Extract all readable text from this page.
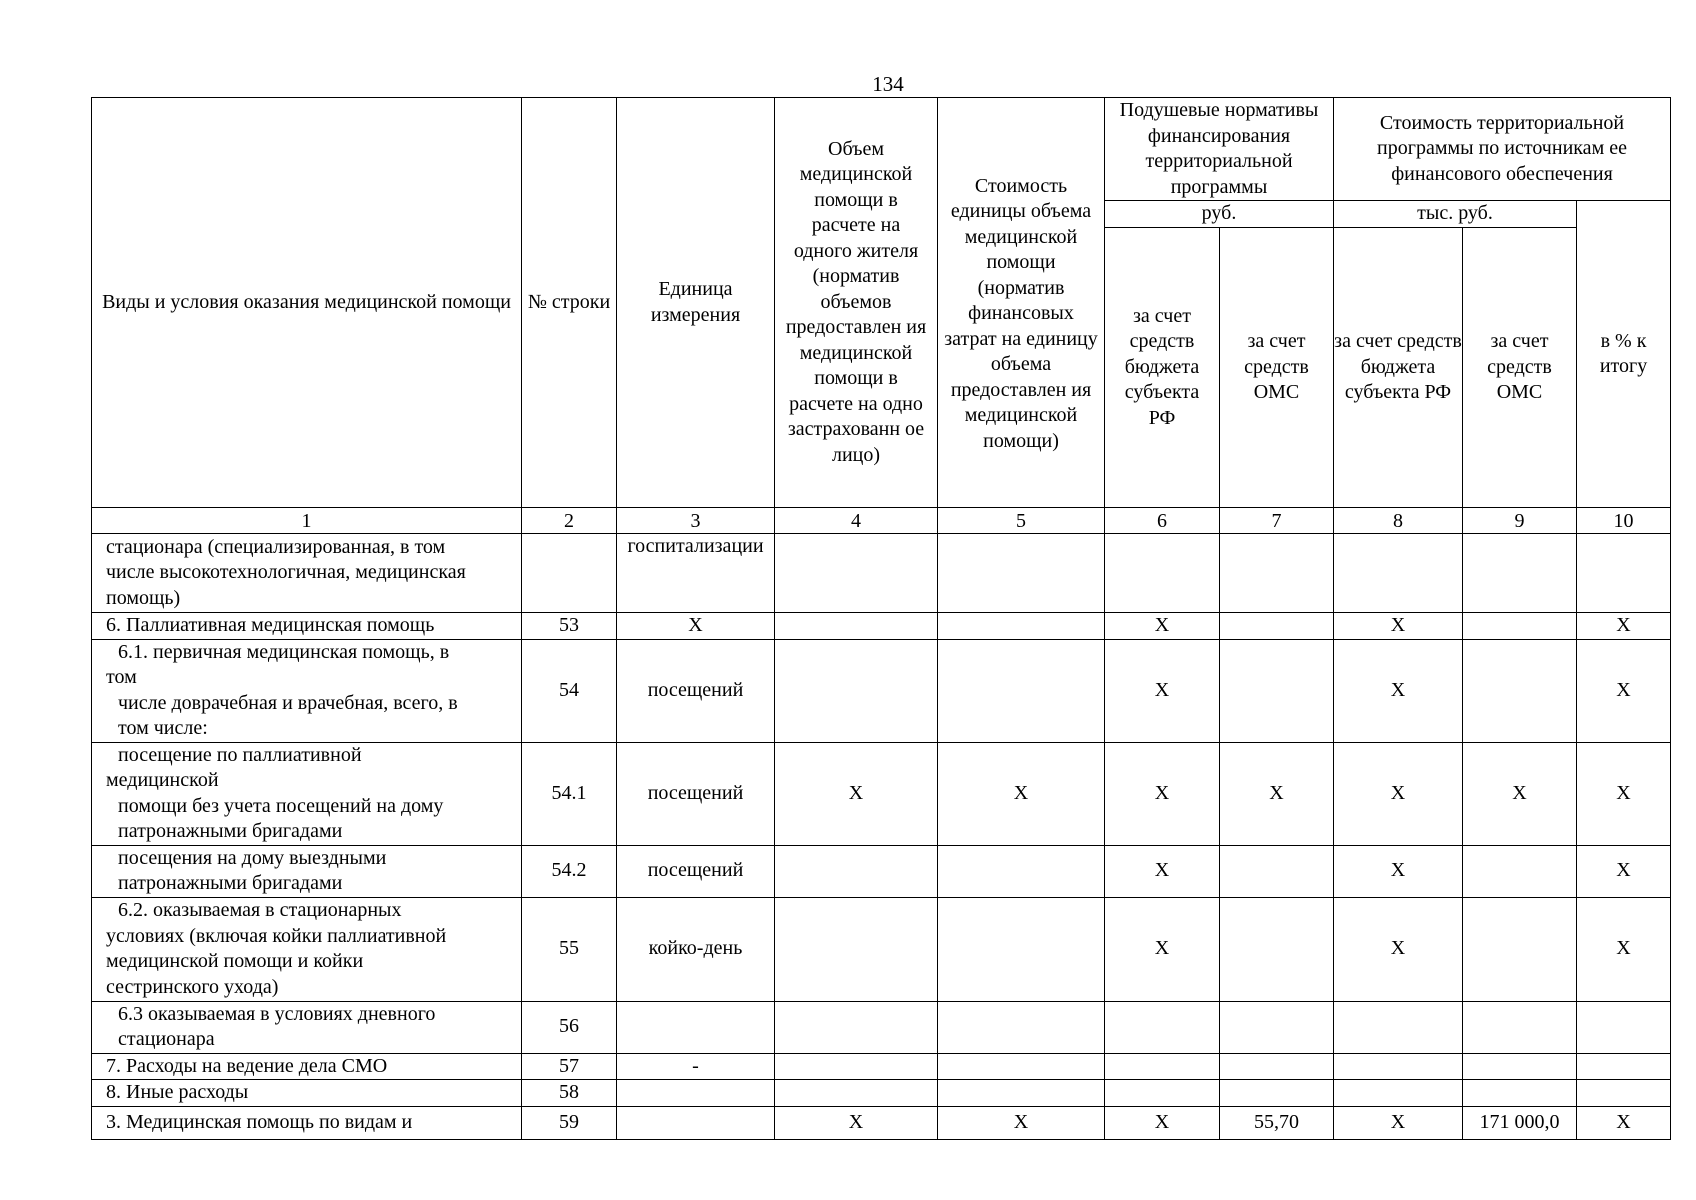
134
Виды и условия оказания медицинской помощи	№ строки	Единица измерения	Объем медицинской помощи в расчете на одного жителя (норматив объемов предоставлен ия медицинской помощи в расчете на одно застрахованн ое лицо)	Стоимость единицы объема медицинской помощи (норматив финансовых затрат на единицу объема предоставлен ия медицинской помощи)	Подушевые нормативы финансирования территориальной программы		Стоимость территориальной программы по источникам ее финансового обеспечения		
					руб.		тыс. руб.		в % к итогу
					за счет средств бюджета субъекта РФ	за счет средств ОМС	за счет средств бюджета субъекта РФ	за счет средств ОМС	
1	2	3	4	5	6	7	8	9	10

стационара (специализированная, в том
числе высокотехнологичная, медицинская
помощь)		госпитализации							

6. Паллиативная медицинская помощь	53	X			X		X		X

6.1. первичная медицинская помощь, в
том
числе доврачебная и врачебная, всего, в
том числе:	54	посещений			X		X		X

посещение по паллиативной
медицинской
помощи без учета посещений на дому
патронажными бригадами	54.1	посещений	X	X	X	X	X	X	X

посещения на дому выездными
патронажными бригадами	54.2	посещений			X		X		X

6.2. оказываемая в стационарных
условиях (включая койки паллиативной
медицинской помощи и койки
сестринского ухода)	55	койко-день			X		X		X

6.3 оказываемая в условиях дневного
стационара	56								

7. Расходы на ведение дела СМО	57	-							

8. Иные расходы	58								

3. Медицинская помощь по видам и	59		X	X	X	55,70	X	171 000,0	X
